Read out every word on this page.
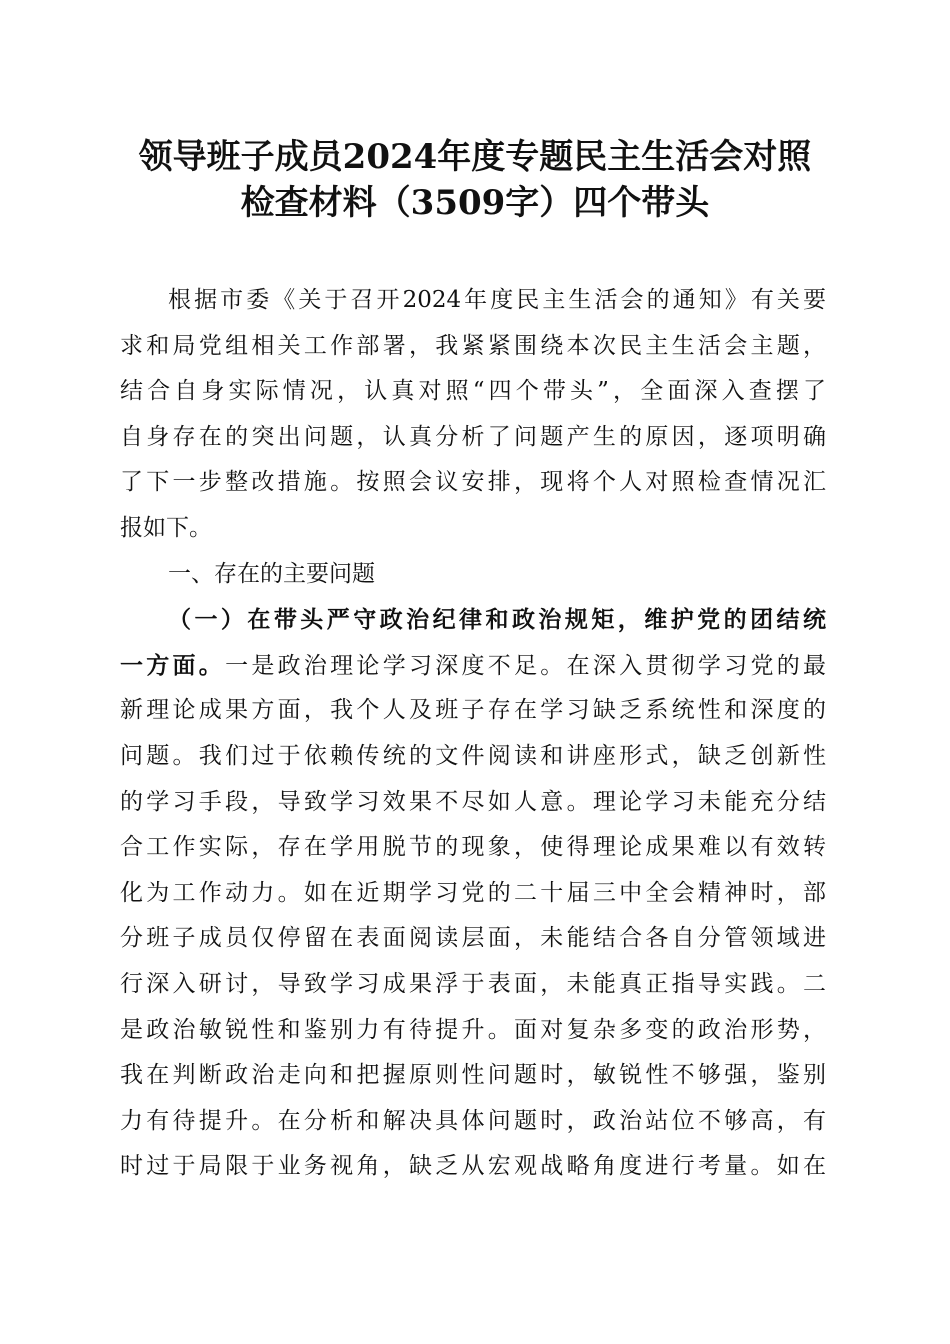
领导班子成员2024年度专题民主生活会对照
检查材料（3509字）四个带头
根据市委《关于召开2024年度民主生活会的通知》有关要
求和局党组相关工作部署，我紧紧围绕本次民主生活会主题，
结合自身实际情况，认真对照“四个带头”，全面深入查摆了
自身存在的突出问题，认真分析了问题产生的原因，逐项明确
了下一步整改措施。按照会议安排，现将个人对照检查情况汇
报如下。
一、存在的主要问题
（一）在带头严守政治纪律和政治规矩，维护党的团结统
一方面。一是政治理论学习深度不足。在深入贯彻学习党的最
新理论成果方面，我个人及班子存在学习缺乏系统性和深度的
问题。我们过于依赖传统的文件阅读和讲座形式，缺乏创新性
的学习手段，导致学习效果不尽如人意。理论学习未能充分结
合工作实际，存在学用脱节的现象，使得理论成果难以有效转
化为工作动力。如在近期学习党的二十届三中全会精神时，部
分班子成员仅停留在表面阅读层面，未能结合各自分管领域进
行深入研讨，导致学习成果浮于表面，未能真正指导实践。二
是政治敏锐性和鉴别力有待提升。面对复杂多变的政治形势，
我在判断政治走向和把握原则性问题时，敏锐性不够强，鉴别
力有待提升。在分析和解决具体问题时，政治站位不够高，有
时过于局限于业务视角，缺乏从宏观战略角度进行考量。如在
